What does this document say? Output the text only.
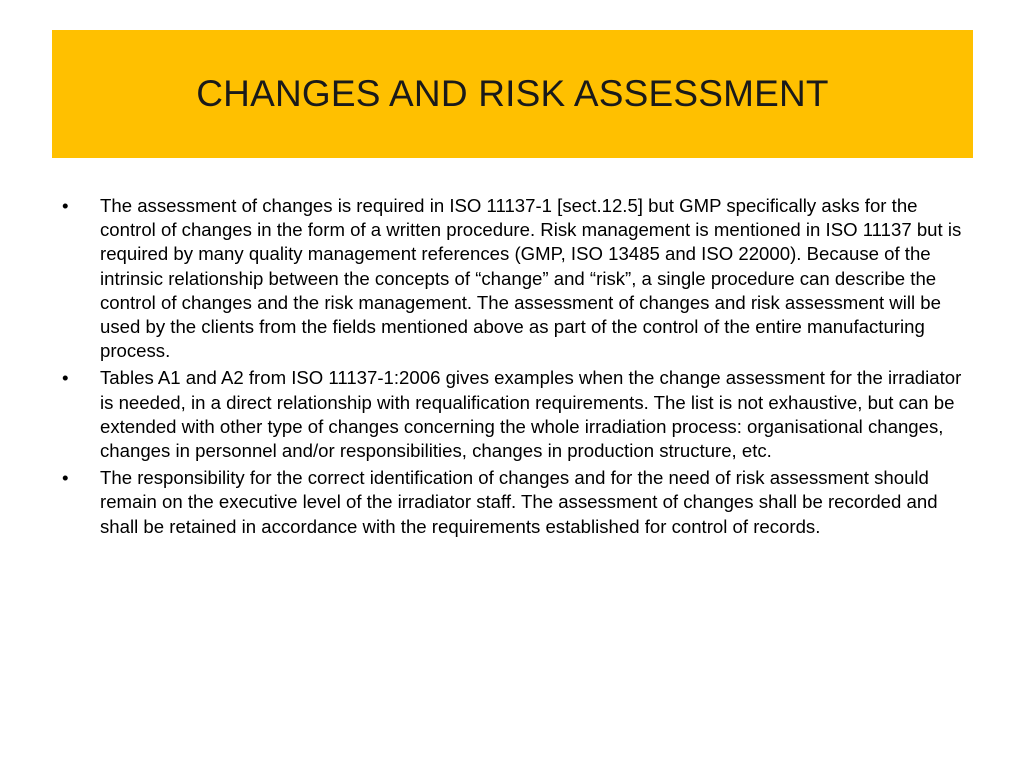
CHANGES AND RISK ASSESSMENT
• The assessment of changes is required in ISO 11137-1 [sect.12.5] but GMP specifically asks for the control of changes in the form of a written procedure. Risk management is mentioned in ISO 11137 but is required by many quality management references (GMP, ISO 13485 and ISO 22000). Because of the intrinsic relationship between the concepts of “change” and “risk”, a single procedure can describe the control of changes and the risk management. The assessment of changes and risk assessment will be used by the clients from the fields mentioned above as part of the control of the entire manufacturing process.
• Tables A1 and A2 from ISO 11137-1:2006 gives examples when the change assessment for the irradiator is needed, in a direct relationship with requalification requirements. The list is not exhaustive, but can be extended with other type of changes concerning the whole irradiation process: organisational changes, changes in personnel and/or responsibilities, changes in production structure, etc.
• The responsibility for the correct identification of changes and for the need of risk assessment should remain on the executive level of the irradiator staff. The assessment of changes shall be recorded and shall be retained in accordance with the requirements established for control of records.
